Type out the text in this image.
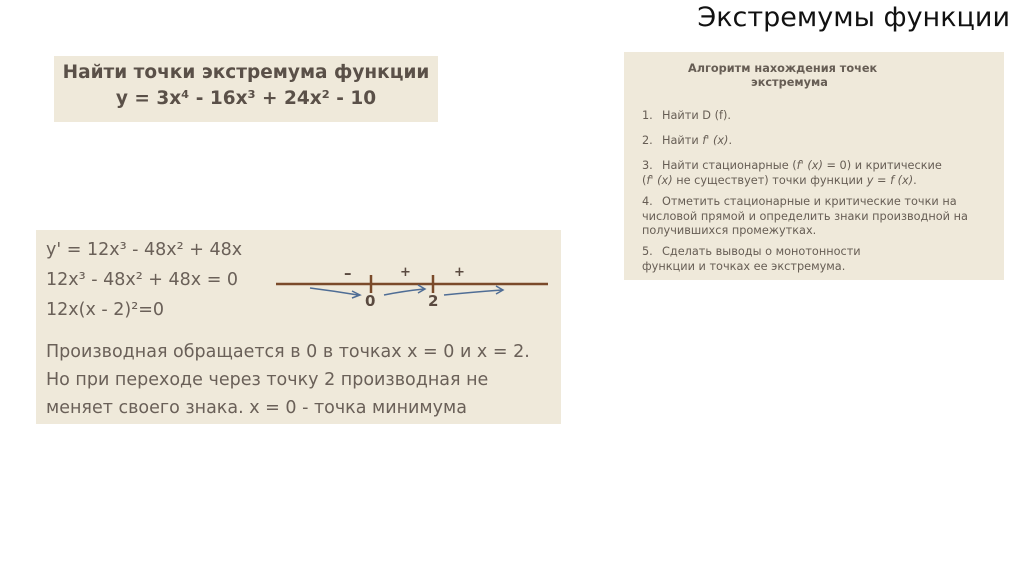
Экстремумы функции
Найти точки экстремума функции
y = 3x⁴ - 16x³ + 24x² - 10
y' = 12x³ - 48x² + 48x
12x³ - 48x² + 48x = 0
12x(x - 2)²=0
–	+	+
0	2
Производная обращается в 0 в точках x = 0 и x = 2.
Но при переходе через точку 2 производная не
меняет своего знака. x = 0 - точка минимума
Алгоритм нахождения точек
экстремума
1. Найти D (f).
2. Найти f' (x).
3. Найти стационарные (f' (x) = 0) и критические
(f' (x) не существует) точки функции y = f (x).
4. Отметить стационарные и критические точки на
числовой прямой и определить знаки производной на
получившихся промежутках.
5. Сделать выводы о монотонности
функции и точках ее экстремума.
